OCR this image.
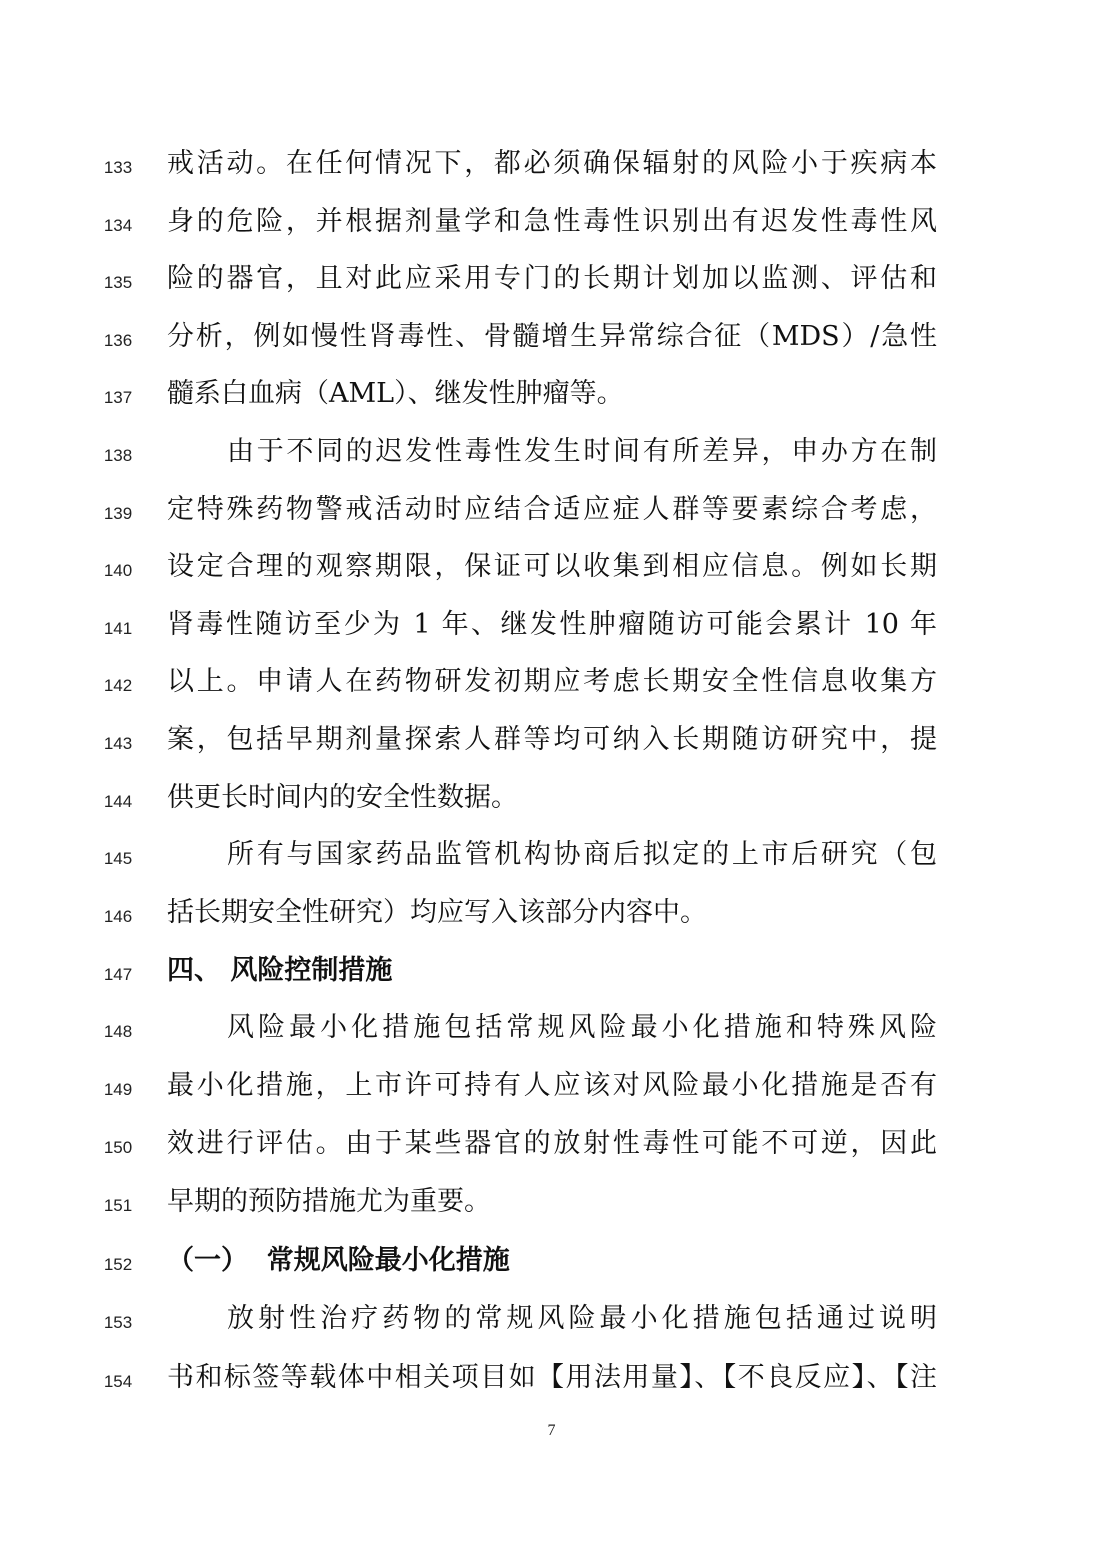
133	戒活动。在任何情况下，都必须确保辐射的风险小于疾病本
134	身的危险，并根据剂量学和急性毒性识别出有迟发性毒性风
135	险的器官，且对此应采用专门的长期计划加以监测、评估和
136	分析，例如慢性肾毒性、骨髓增生异常综合征（MDS）/急性
137	髓系白血病（AML）、继发性肿瘤等。
138	由于不同的迟发性毒性发生时间有所差异，申办方在制
139	定特殊药物警戒活动时应结合适应症人群等要素综合考虑，
140	设定合理的观察期限，保证可以收集到相应信息。例如长期
141	肾毒性随访至少为 1 年、继发性肿瘤随访可能会累计 10 年
142	以上。申请人在药物研发初期应考虑长期安全性信息收集方
143	案，包括早期剂量探索人群等均可纳入长期随访研究中，提
144	供更长时间内的安全性数据。
145	所有与国家药品监管机构协商后拟定的上市后研究（包
146	括长期安全性研究）均应写入该部分内容中。
147	四、 风险控制措施
148	风险最小化措施包括常规风险最小化措施和特殊风险
149	最小化措施，上市许可持有人应该对风险最小化措施是否有
150	效进行评估。由于某些器官的放射性毒性可能不可逆，因此
151	早期的预防措施尤为重要。
152	（一）  常规风险最小化措施
153	放射性治疗药物的常规风险最小化措施包括通过说明
154	书和标签等载体中相关项目如【用法用量】、【不良反应】、【注
7
